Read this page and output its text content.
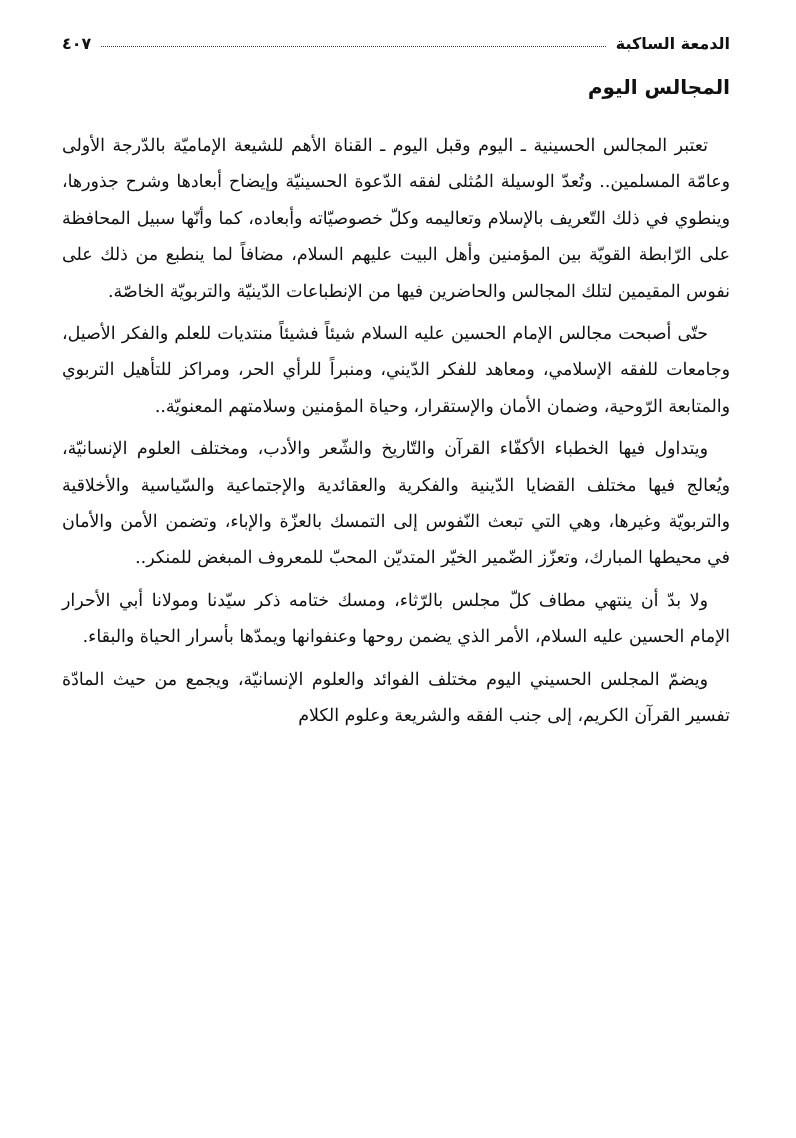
الدمعة الساكبة
٤٠٧
المجالس اليوم

تعتبر المجالس الحسينية ـ اليوم وقبل اليوم ـ القناة الأهم للشيعة الإماميّة بالدّرجة الأولى وعامّة المسلمين.. وتُعدّ الوسيلة المُثلى لفقه الدّعوة الحسينيّة وإيضاح أبعادها وشرح جذورها، وينطوي في ذلك التّعريف بالإسلام وتعاليمه وكلّ خصوصيّاته وأبعاده، كما وأنّها سبيل المحافظة على الرّابطة القويّة بين المؤمنين وأهل البيت عليهم السلام، مضافاً لما ينطبع من ذلك على نفوس المقيمين لتلك المجالس والحاضرين فيها من الإنطباعات الدّينيّة والتربويّة الخاصّة.

حتّى أصبحت مجالس الإمام الحسين عليه السلام شيئاً فشيئاً منتديات للعلم والفكر الأصيل، وجامعات للفقه الإسلامي، ومعاهد للفكر الدّيني، ومنبراً للرأي الحر، ومراكز للتأهيل التربوي والمتابعة الرّوحية، وضمان الأمان والإستقرار، وحياة المؤمنين وسلامتهم المعنويّة..

ويتداول فيها الخطباء الأكفّاء القرآن والتّاريخ والشّعر والأدب، ومختلف العلوم الإنسانيّة، ويُعالج فيها مختلف القضايا الدّينية والفكرية والعقائدية والإجتماعية والسّياسية والأخلاقية والتربويّة وغيرها، وهي التي تبعث النّفوس إلى التمسك بالعزّة والإباء، وتضمن الأمن والأمان في محيطها المبارك، وتعزّز الضّمير الخيّر المتديّن المحبّ للمعروف المبغض للمنكر..

ولا بدّ أن ينتهي مطاف كلّ مجلس بالرّثاء، ومسك ختامه ذكر سيّدنا ومولانا أبي الأحرار الإمام الحسين عليه السلام، الأمر الذي يضمن روحها وعنفوانها ويمدّها بأسرار الحياة والبقاء.

ويضمّ المجلس الحسيني اليوم مختلف الفوائد والعلوم الإنسانيّة، ويجمع من حيث المادّة تفسير القرآن الكريم، إلى جنب الفقه والشريعة وعلوم الكلام
